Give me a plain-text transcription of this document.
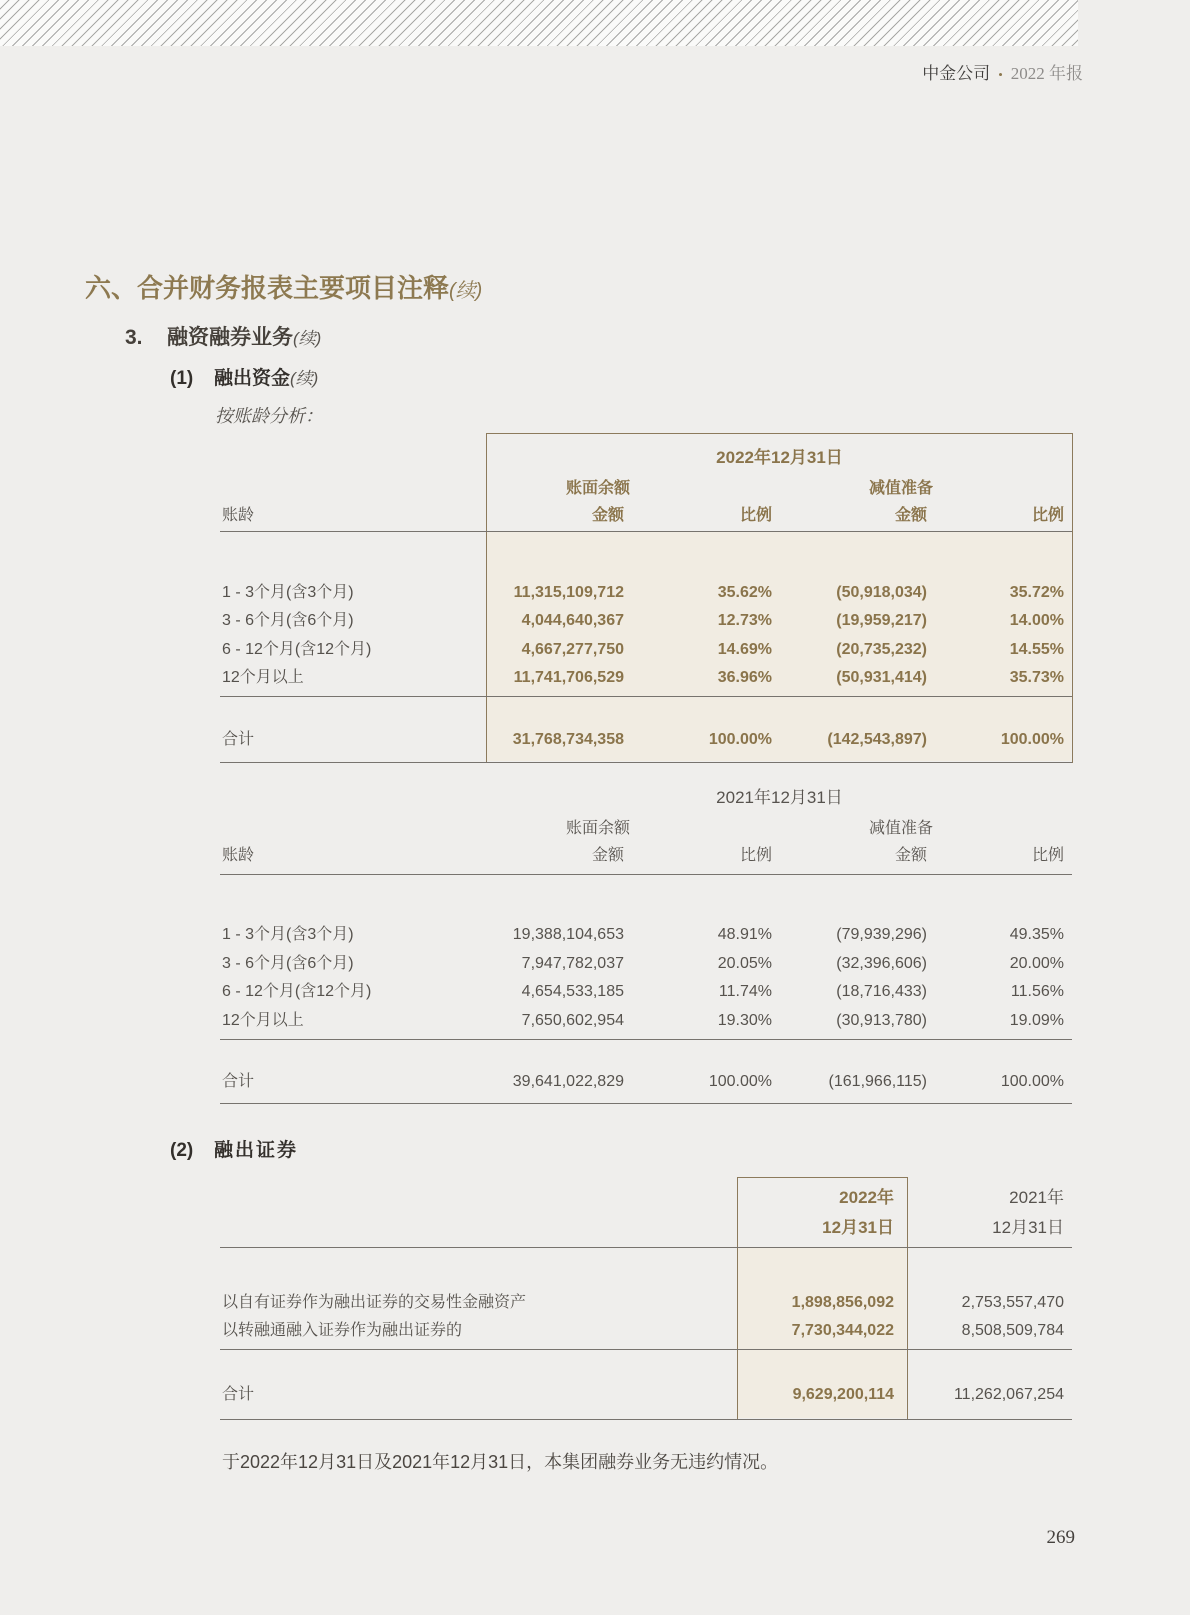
中金公司 • 2022 年报
六、合并财务报表主要项目注释(续)
3. 融资融券业务(续)
(1) 融出资金(续)
按账龄分析：
2022年12月31日
账面余额	减值准备
账龄	金额	比例	金额	比例
1 - 3个月(含3个月)	11,315,109,712	35.62%	(50,918,034)	35.72%
3 - 6个月(含6个月)	4,044,640,367	12.73%	(19,959,217)	14.00%
6 - 12个月(含12个月)	4,667,277,750	14.69%	(20,735,232)	14.55%
12个月以上	11,741,706,529	36.96%	(50,931,414)	35.73%
合计	31,768,734,358	100.00%	(142,543,897)	100.00%
2021年12月31日
账面余额	减值准备
账龄	金额	比例	金额	比例
1 - 3个月(含3个月)	19,388,104,653	48.91%	(79,939,296)	49.35%
3 - 6个月(含6个月)	7,947,782,037	20.05%	(32,396,606)	20.00%
6 - 12个月(含12个月)	4,654,533,185	11.74%	(18,716,433)	11.56%
12个月以上	7,650,602,954	19.30%	(30,913,780)	19.09%
合计	39,641,022,829	100.00%	(161,966,115)	100.00%
(2) 融出证券
2022年	2021年
12月31日	12月31日
以自有证券作为融出证券的交易性金融资产	1,898,856,092	2,753,557,470
以转融通融入证券作为融出证券的	7,730,344,022	8,508,509,784
合计	9,629,200,114	11,262,067,254
于2022年12月31日及2021年12月31日，本集团融券业务无违约情况。
269
